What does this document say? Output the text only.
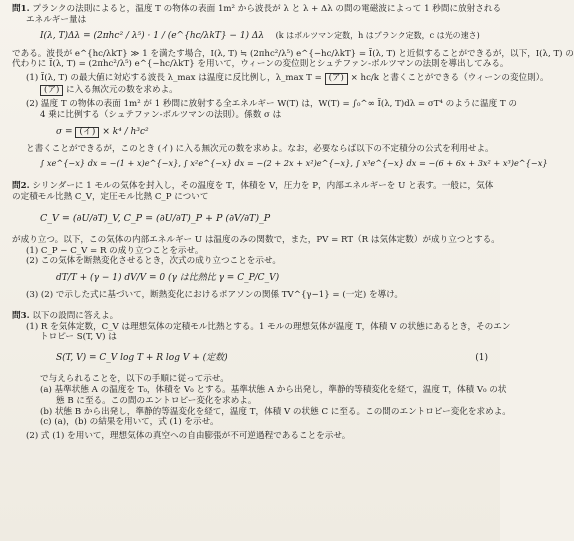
問1. プランクの法則によると，温度 T の物体の表面 1m² から波長が λ と λ + Δλ の間の電磁波によって 1 秒間に放射される
エネルギー量は
I(λ, T)Δλ = (2πhc² / λ⁵) · 1 / (e^{hc/λkT} − 1) Δλ (k はボルツマン定数，h はプランク定数，c は光の速さ)
である。波長が e^{hc/λkT} ≫ 1 を満たす場合，I(λ, T) ≒ (2πhc²/λ⁵) e^{−hc/λkT} = Ĩ(λ, T) と近似することができるが，以下，I(λ, T) の
代わりに Ĩ(λ, T) = (2πhc²/λ⁵) e^{−hc/λkT} を用いて，ウィーンの変位則とシュテファン-ボルツマンの法則を導出してみる。
(1) Ĩ(λ, T) の最大値に対応する波長 λ_max は温度に反比例し，λ_max T = (ア) × hc/k と書くことができる（ウィーンの変位則）。
(ア) に入る無次元の数を求めよ。
(2) 温度 T の物体の表面 1m² が 1 秒間に放射する全エネルギー W(T) は，W(T) = ∫₀^∞ Ĩ(λ, T)dλ = σT⁴ のように温度 T の
4 乗に比例する（シュテファン-ボルツマンの法則）。係数 σ は
σ = (イ) × k⁴ / h³c²
と書くことができるが，このとき (イ) に入る無次元の数を求めよ。なお，必要ならば以下の不定積分の公式を利用せよ。
∫ xe^{−x} dx = −(1 + x)e^{−x}, ∫ x²e^{−x} dx = −(2 + 2x + x²)e^{−x}, ∫ x³e^{−x} dx = −(6 + 6x + 3x² + x³)e^{−x}
問2. シリンダーに 1 モルの気体を封入し，その温度を T，体積を V，圧力を P，内部エネルギーを U と表す。一般に，気体
の定積モル比熱 C_V，定圧モル比熱 C_P について
C_V = (∂U/∂T)_V, C_P = (∂U/∂T)_P + P (∂V/∂T)_P
が成り立つ。以下，この気体の内部エネルギー U は温度のみの関数で，また，PV = RT（R は気体定数）が成り立つとする。
(1) C_P − C_V = R の成り立つことを示せ。
(2) この気体を断熱変化させるとき，次式の成り立つことを示せ。
dT/T + (γ − 1) dV/V = 0 (γ は比熱比 γ = C_P/C_V)
(3) (2) で示した式に基づいて，断熱変化におけるポアソンの関係 TV^{γ−1} = (一定) を導け。
問3. 以下の設問に答えよ。
(1) R を気体定数，C_V は理想気体の定積モル比熱とする。1 モルの理想気体が温度 T，体積 V の状態にあるとき，そのエン
トロピー S(T, V) は
S(T, V) = C_V log T + R log V + (定数)	(1)
で与えられることを，以下の手順に従って示せ。
(a) 基準状態 A の温度を T₀，体積を V₀ とする。基準状態 A から出発し，準静的等積変化を経て，温度 T，体積 V₀ の状
態 B に至る。この間のエントロピー変化を求めよ。
(b) 状態 B から出発し，準静的等温変化を経て，温度 T，体積 V の状態 C に至る。この間のエントロピー変化を求めよ。
(c) (a)，(b) の結果を用いて，式 (1) を示せ。
(2) 式 (1) を用いて，理想気体の真空への自由膨張が不可逆過程であることを示せ。
